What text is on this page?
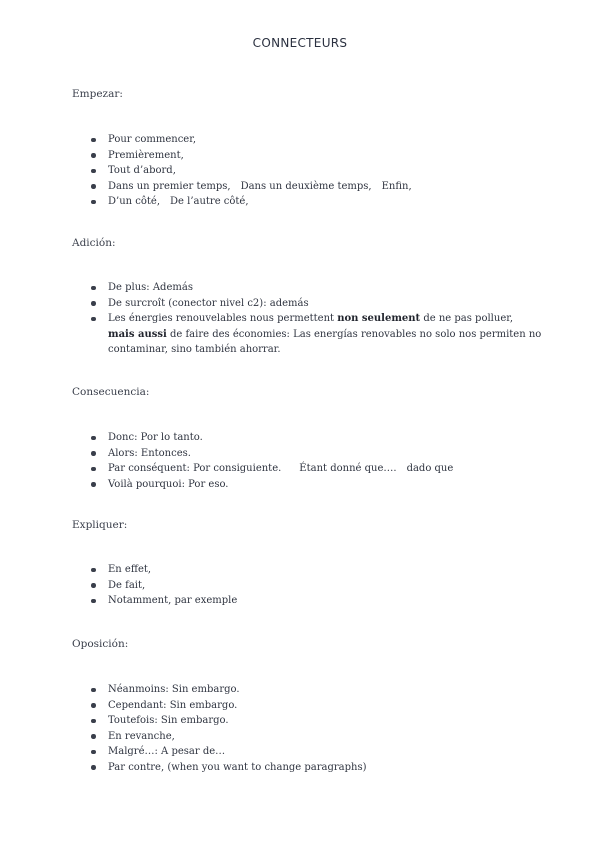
CONNECTEURS

Empezar:

Pour commencer,
Premièrement,
Tout d’abord,
Dans un premier temps, Dans un deuxième temps, Enfin,
D’un côté, De l’autre côté,

Adición:

De plus: Además
De surcroît (conector nivel c2): además
Les énergies renouvelables nous permettent non seulement de ne pas polluer, mais aussi de faire des économies: Las energías renovables no solo nos permiten no contaminar, sino también ahorrar.

Consecuencia:

Donc: Por lo tanto.
Alors: Entonces.
Par conséquent: Por consiguiente. Étant donné que…. dado que
Voilà pourquoi: Por eso.

Expliquer:

En effet,
De fait,
Notamment, par exemple

Oposición:

Néanmoins: Sin embargo.
Cependant: Sin embargo.
Toutefois: Sin embargo.
En revanche,
Malgré…: A pesar de…
Par contre, (when you want to change paragraphs)
